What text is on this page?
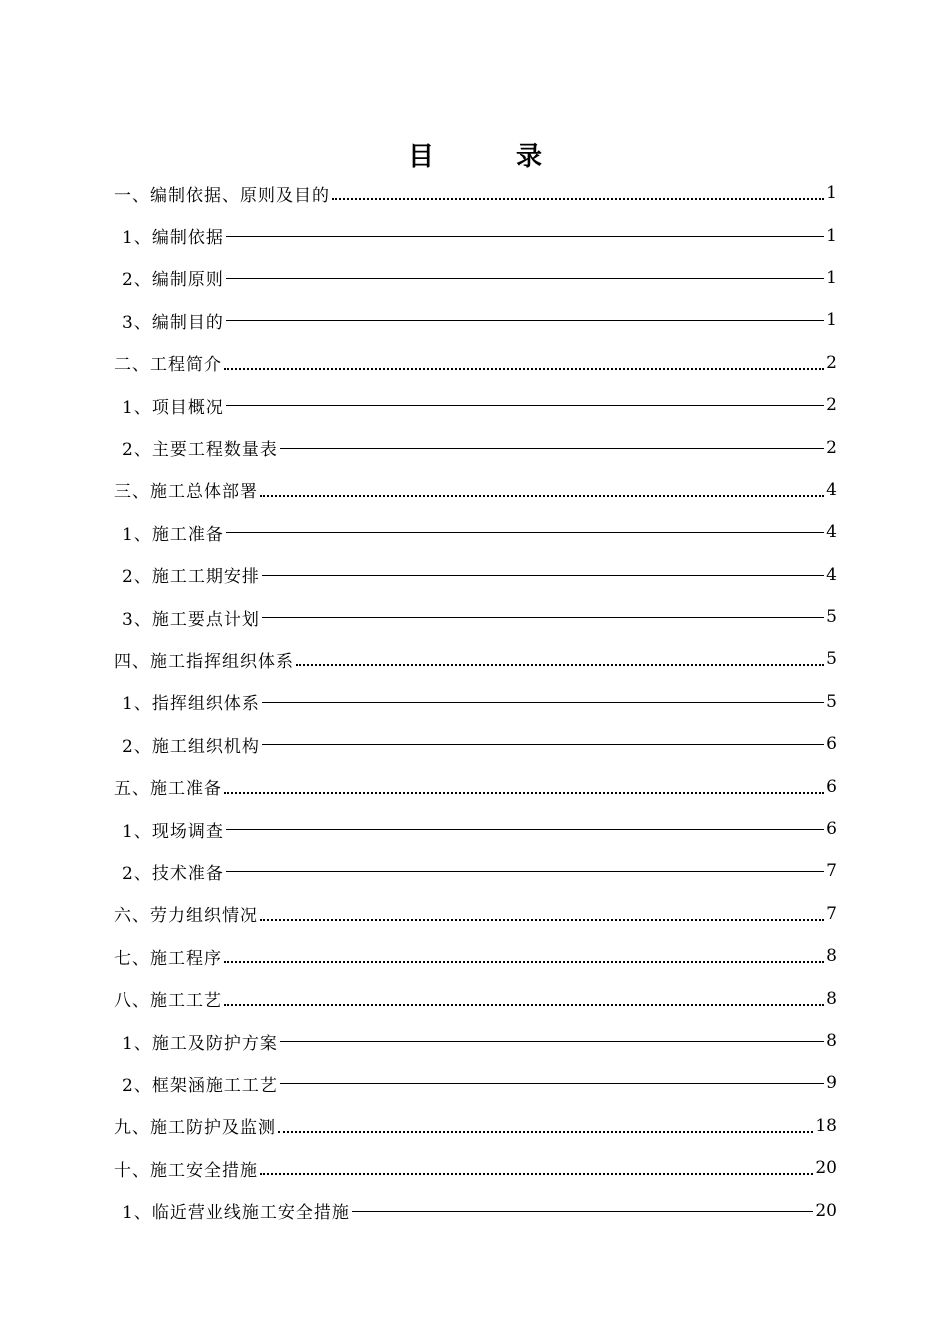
目	录
一、编制依据、原则及目的	1
1、编制依据	1
2、编制原则	1
3、编制目的	1
二、工程简介	2
1、项目概况	2
2、主要工程数量表	2
三、施工总体部署	4
1、施工准备	4
2、施工工期安排	4
3、施工要点计划	5
四、施工指挥组织体系	5
1、指挥组织体系	5
2、施工组织机构	6
五、施工准备	6
1、现场调查	6
2、技术准备	7
六、劳力组织情况	7
七、施工程序	8
八、施工工艺	8
1、施工及防护方案	8
2、框架涵施工工艺	9
九、施工防护及监测	18
十、施工安全措施	20
1、临近营业线施工安全措施	20
